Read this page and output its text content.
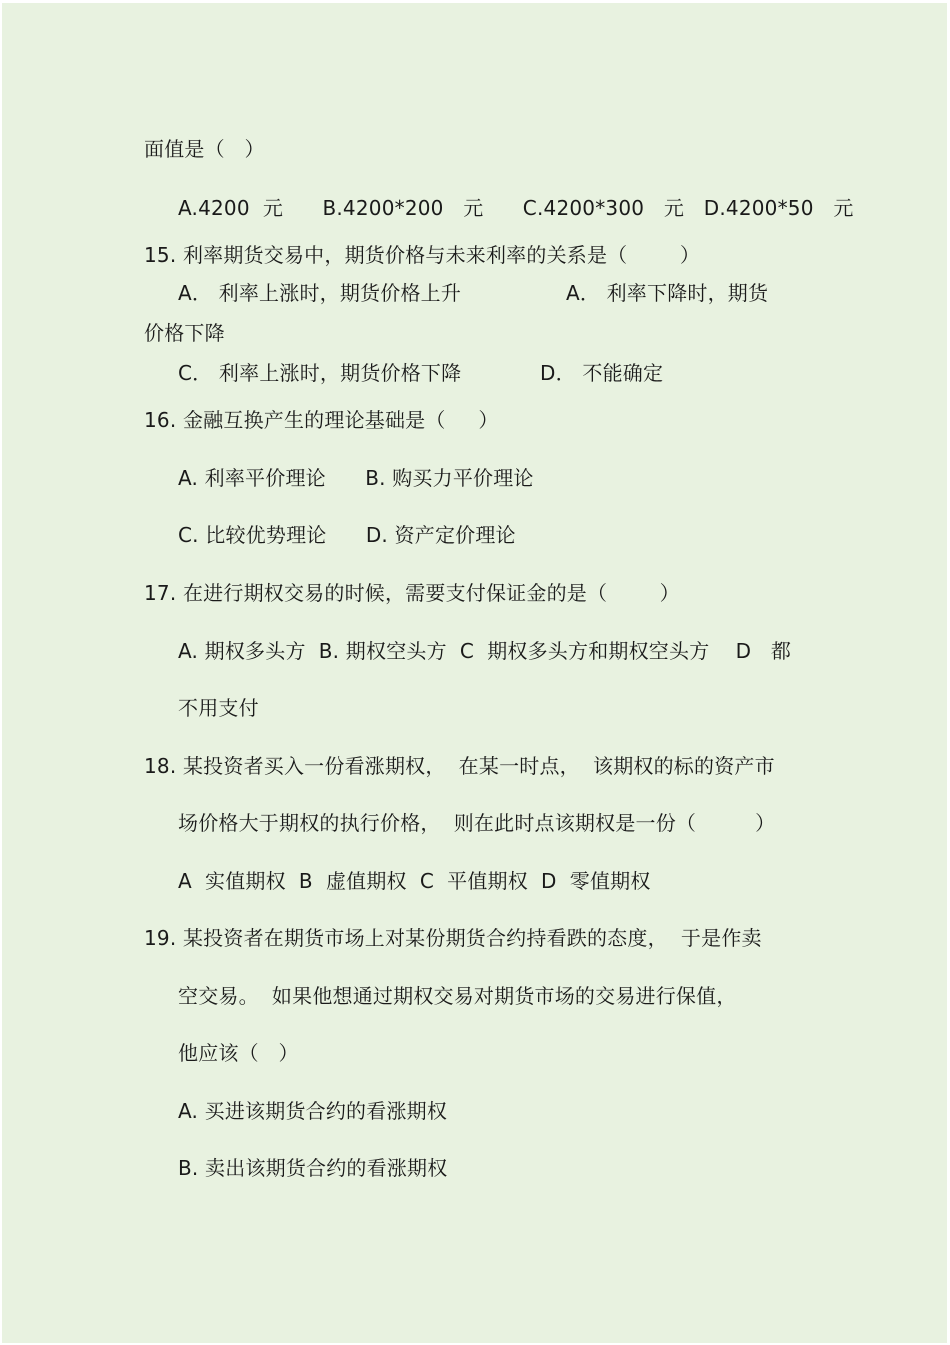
面值是（   ）
A.4200  元      B.4200*200   元      C.4200*300   元   D.4200*50   元
15. 利率期货交易中，期货价格与未来利率的关系是（        ）
A． 利率上涨时，期货价格上升                A． 利率下降时，期货
价格下降
C． 利率上涨时，期货价格下降            D． 不能确定
16. 金融互换产生的理论基础是（     ）
A. 利率平价理论      B. 购买力平价理论
C. 比较优势理论      D. 资产定价理论
17. 在进行期权交易的时候，需要支付保证金的是（        ）
A. 期权多头方  B. 期权空头方  C  期权多头方和期权空头方    D   都
不用支付
18. 某投资者买入一份看涨期权，  在某一时点，  该期权的标的资产市
场价格大于期权的执行价格，  则在此时点该期权是一份（         ）
A  实值期权  B  虚值期权  C  平值期权  D  零值期权
19. 某投资者在期货市场上对某份期货合约持看跌的态度，  于是作卖
空交易。  如果他想通过期权交易对期货市场的交易进行保值，
他应该（   ）
A. 买进该期货合约的看涨期权
B. 卖出该期货合约的看涨期权
